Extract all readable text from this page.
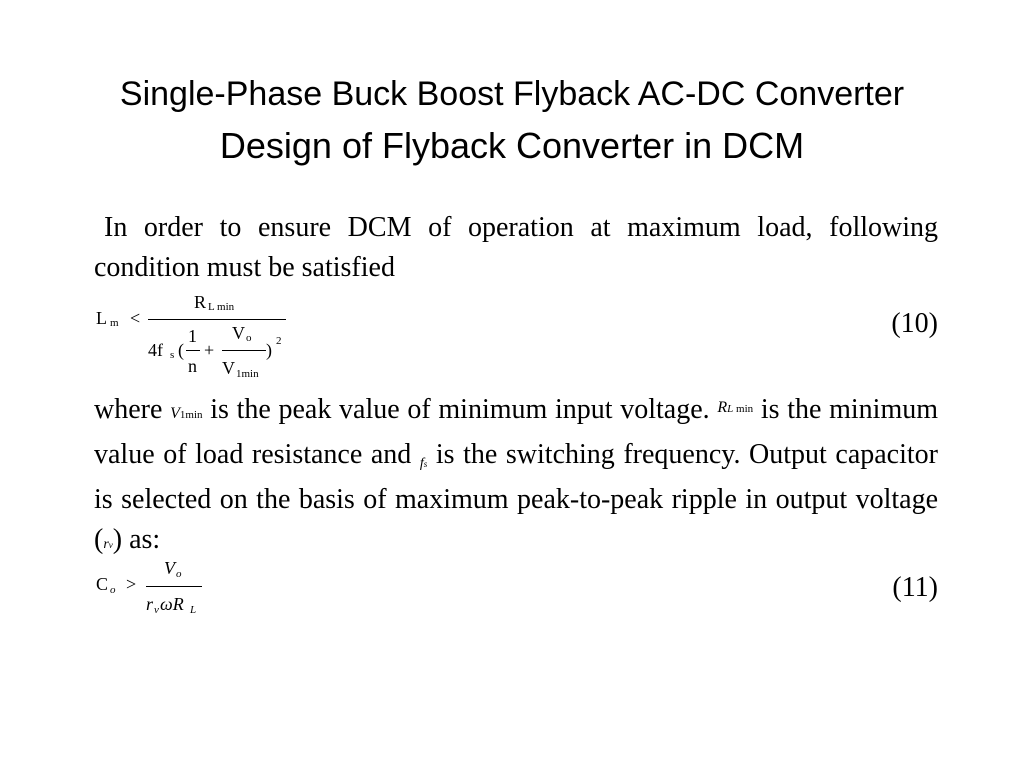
Single-Phase Buck Boost Flyback AC-DC Converter
Design of Flyback Converter in DCM
In order to ensure DCM of operation at maximum load, following condition must be satisfied
L m <
R L min
4f s (
1
n
+
V o
V 1min
) 2
(10)
where V1min is the peak value of minimum input voltage. RL min is the minimum value of load resistance and fs is the switching frequency. Output capacitor is selected on the basis of maximum peak-to-peak ripple in output voltage (rv) as:
C o >
V o
r v ωR L
(11)
